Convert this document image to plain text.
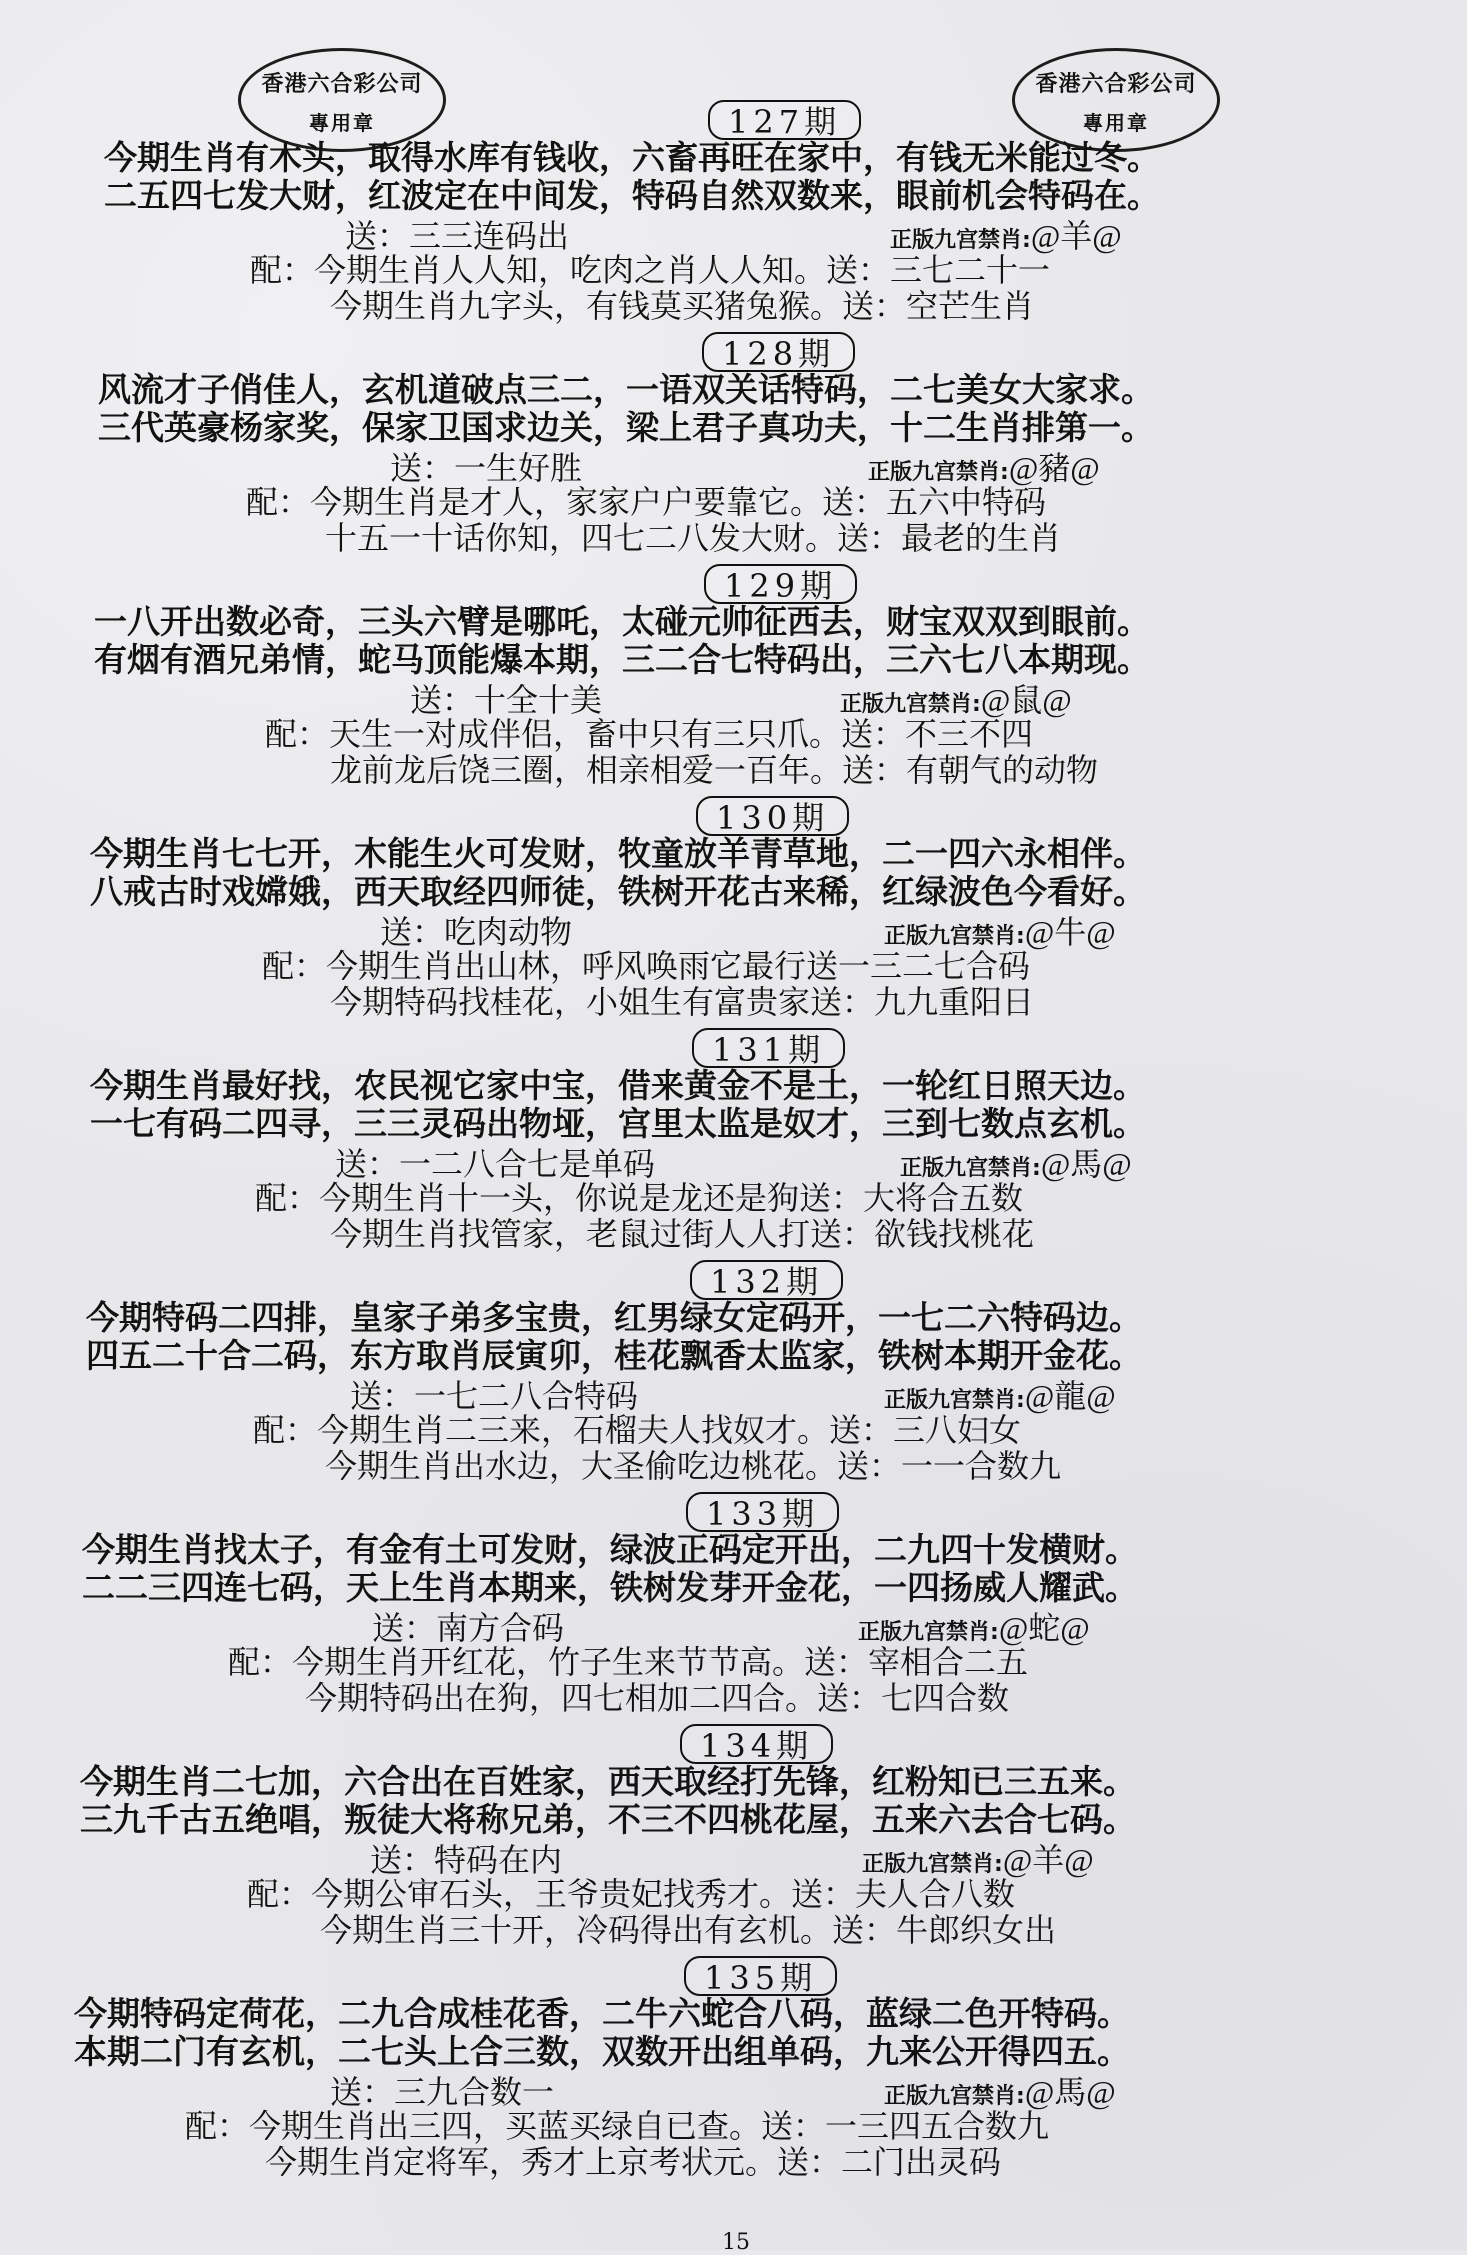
香港六合彩公司
專用章
香港六合彩公司
專用章
127期
今期生肖有木头，取得水库有钱收，六畜再旺在家中，有钱无米能过冬。
二五四七发大财，红波定在中间发，特码自然双数来，眼前机会特码在。
送：三三连码出	正版九宫禁肖:@羊@
配：今期生肖人人知，吃肉之肖人人知。送：三七二十一
今期生肖九字头，有钱莫买猪兔猴。送：空芒生肖
128期
风流才子俏佳人，玄机道破点三二，一语双关话特码，二七美女大家求。
三代英豪杨家奖，保家卫国求边关，梁上君子真功夫，十二生肖排第一。
送：一生好胜	正版九宫禁肖:@豬@
配：今期生肖是才人，家家户户要靠它。送：五六中特码
十五一十话你知，四七二八发大财。送：最老的生肖
129期
一八开出数必奇，三头六臂是哪吒，太碰元帅征西去，财宝双双到眼前。
有烟有酒兄弟情，蛇马顶能爆本期，三二合七特码出，三六七八本期现。
送：十全十美	正版九宫禁肖:@鼠@
配：天生一对成伴侣，畜中只有三只爪。送：不三不四
龙前龙后饶三圈，相亲相爱一百年。送：有朝气的动物
130期
今期生肖七七开，木能生火可发财，牧童放羊青草地，二一四六永相伴。
八戒古时戏嫦娥，西天取经四师徒，铁树开花古来稀，红绿波色今看好。
送：吃肉动物	正版九宫禁肖:@牛@
配：今期生肖出山林，呼风唤雨它最行送一三二七合码
今期特码找桂花，小姐生有富贵家送：九九重阳日
131期
今期生肖最好找，农民视它家中宝，借来黄金不是土，一轮红日照天边。
一七有码二四寻，三三灵码出物垭，宫里太监是奴才，三到七数点玄机。
送：一二八合七是单码	正版九宫禁肖:@馬@
配：今期生肖十一头，你说是龙还是狗送：大将合五数
今期生肖找管家，老鼠过街人人打送：欲钱找桃花
132期
今期特码二四排，皇家子弟多宝贵，红男绿女定码开，一七二六特码边。
四五二十合二码，东方取肖辰寅卯，桂花飘香太监家，铁树本期开金花。
送：一七二八合特码	正版九宫禁肖:@龍@
配：今期生肖二三来，石榴夫人找奴才。送：三八妇女
今期生肖出水边，大圣偷吃边桃花。送：一一合数九
133期
今期生肖找太子，有金有土可发财，绿波正码定开出，二九四十发横财。
二二三四连七码，天上生肖本期来，铁树发芽开金花，一四扬威人耀武。
送：南方合码	正版九宫禁肖:@蛇@
配：今期生肖开红花，竹子生来节节高。送：宰相合二五
今期特码出在狗，四七相加二四合。送：七四合数
134期
今期生肖二七加，六合出在百姓家，西天取经打先锋，红粉知已三五来。
三九千古五绝唱，叛徒大将称兄弟，不三不四桃花屋，五来六去合七码。
送：特码在内	正版九宫禁肖:@羊@
配：今期公审石头，王爷贵妃找秀才。送：夫人合八数
今期生肖三十开，冷码得出有玄机。送：牛郎织女出
135期
今期特码定荷花，二九合成桂花香，二牛六蛇合八码，蓝绿二色开特码。
本期二门有玄机，二七头上合三数，双数开出组单码，九来公开得四五。
送：三九合数一	正版九宫禁肖:@馬@
配：今期生肖出三四，买蓝买绿自已查。送：一三四五合数九
今期生肖定将军，秀才上京考状元。送：二门出灵码
15
